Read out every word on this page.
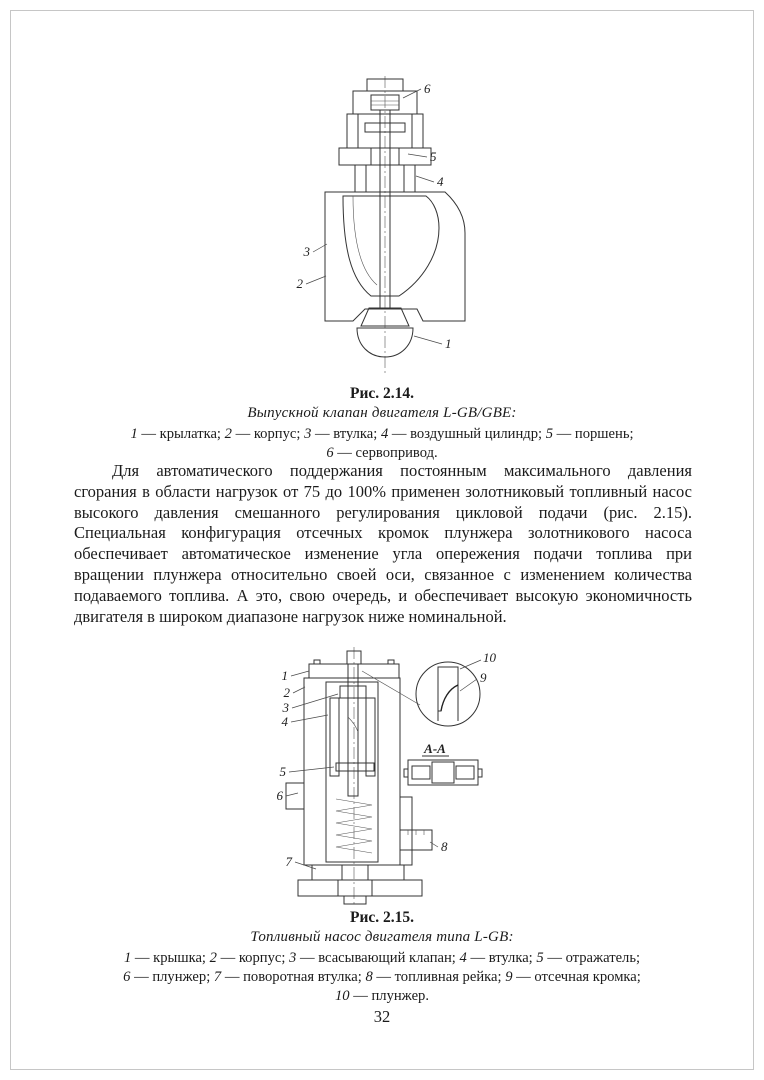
6
5
4
3
2
1
Рис. 2.14.
Выпускной клапан двигателя L-GB/GBE:
1 — крылатка; 2 — корпус; 3 — втулка; 4 — воздушный цилиндр; 5 — поршень;
6 — сервопривод.

Для автоматического поддержания постоянным максимального давления сгорания в области нагрузок от 75 до 100% применен золотниковый топливный насос высокого давления смешанного регулирования цикловой подачи (рис. 2.15). Специальная конфигурация отсечных кромок плунжера золотникового насоса обеспечивает автоматическое изменение угла опережения подачи топлива при вращении плунжера относительно своей оси, связанное с изменением количества подаваемого топлива. А это, свою очередь, и обеспечивает высокую экономичность двигателя в широком диапазоне нагрузок ниже номинальной.

А-А
1
2
3
4
5
6
7
8
9
10
Рис. 2.15.
Топливный насос двигателя типа L-GB:
1 — крышка; 2 — корпус; 3 — всасывающий клапан; 4 — втулка; 5 — отражатель;
6 — плунжер; 7 — поворотная втулка; 8 — топливная рейка; 9 — отсечная кромка;
10 — плунжер.
32
